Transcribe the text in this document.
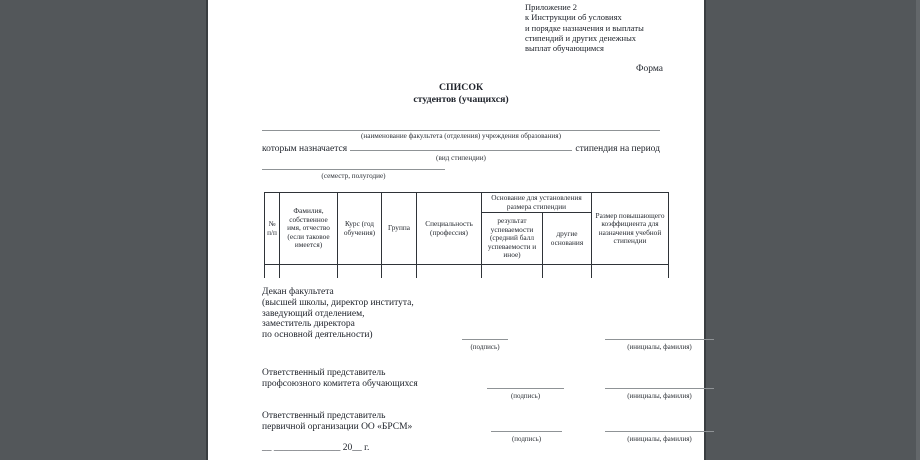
Приложение 2
к Инструкции об условиях
и порядке назначения и выплаты
стипендий и других денежных
выплат обучающимся
Форма
СПИСОК
студентов (учащихся)
(наименование факультета (отделения) учреждения образования)
которым назначается	стипендия на период
(вид стипендии)
(семестр, полугодие)
№ п/п	Фамилия, собственное имя, отчество (если таковое имеется)	Курс (год обучения)	Группа	Специальность (профессия)	Основание для установления размера стипендии		Размер повышающего коэффициента для назначения учебной стипендии
					результат успеваемости (средний балл успеваемости и иное)	другие основания	

Декан факультета
(высшей школы, директор института,
заведующий отделением,
заместитель директора
по основной деятельности)
(подпись)	(инициалы, фамилия)
Ответственный представитель
профсоюзного комитета обучающихся
(подпись)	(инициалы, фамилия)
Ответственный представитель
первичной организации ОО «БРСМ»
(подпись)	(инициалы, фамилия)
__ ______________ 20__ г.
